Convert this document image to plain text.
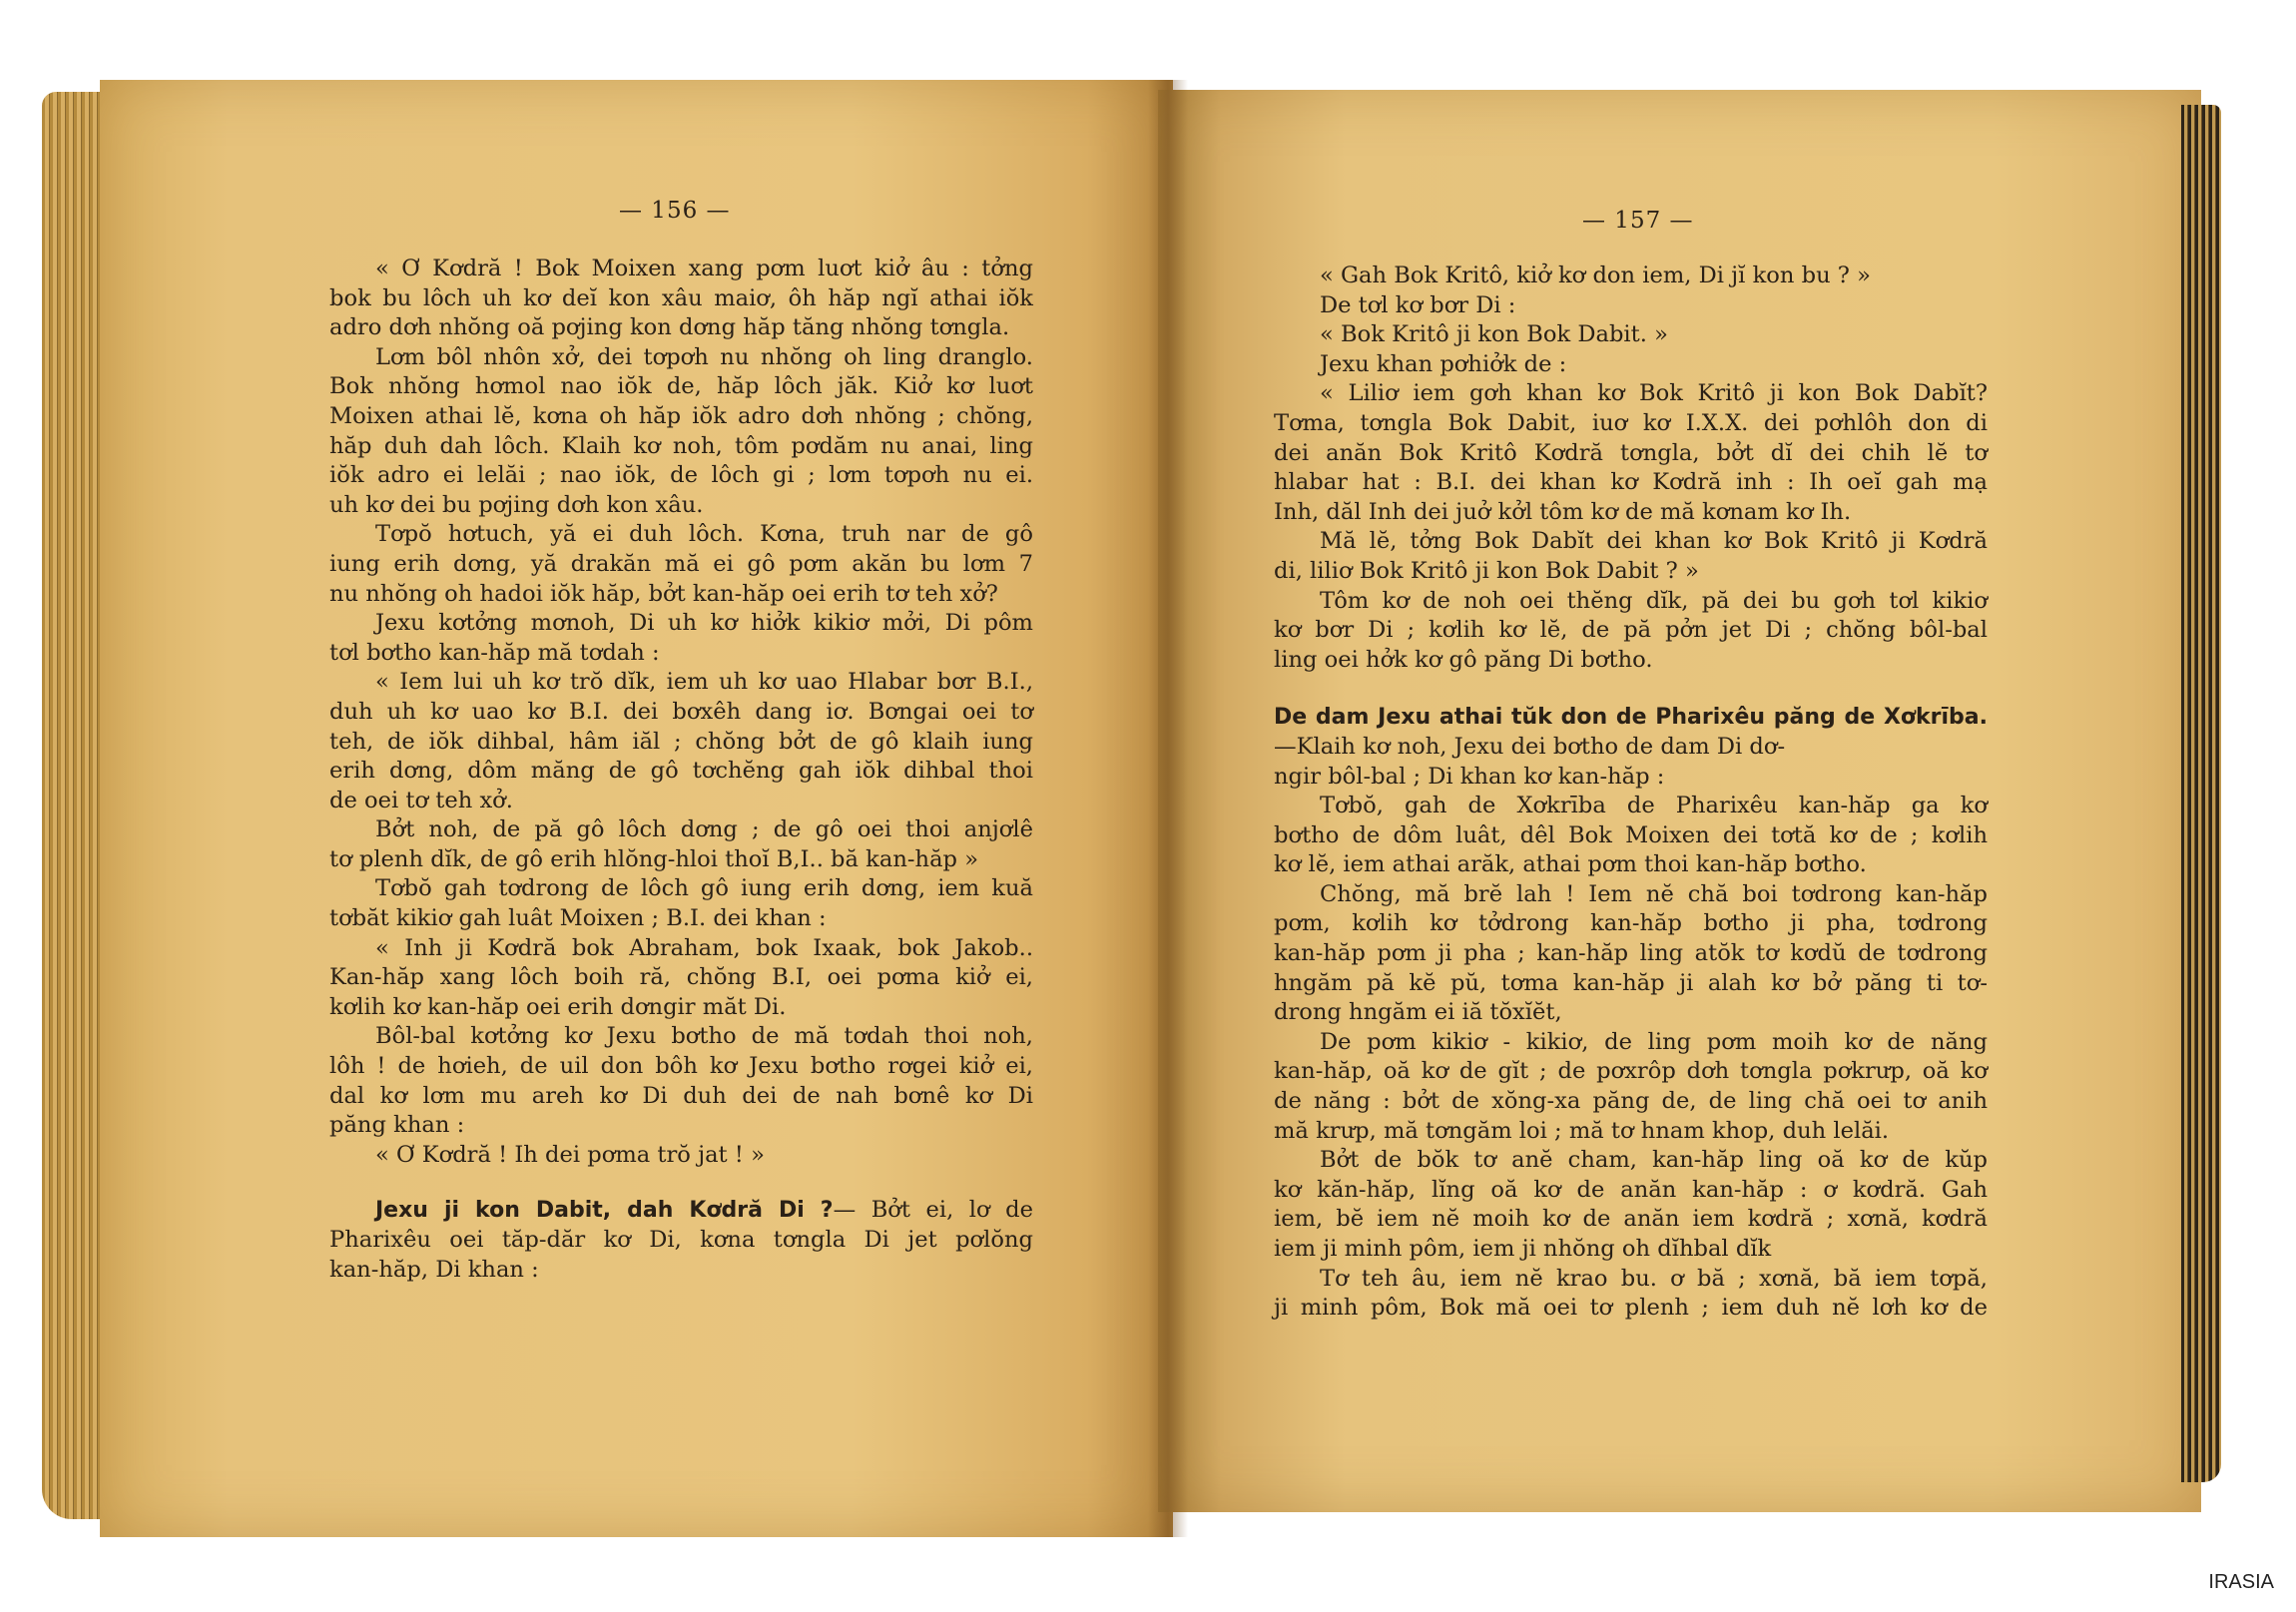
— 156 —	— 157 —
« Ơ Kơdră ! Bok Moixen xang pơm luơt kiở âu : tởng
bok bu lôch uh kơ deĭ kon xâu maiơ, ôh hăp ngĭ athai iŏk
adro dơh nhŏng oă pơjing kon dơng hăp tăng nhŏng tơngla.
Lơm bôl nhôn xở, dei tơpơh nu nhŏng oh ling dranglo.
Bok nhŏng hơmol nao iŏk de, hăp lôch jăk. Kiở kơ luơt
Moixen athai lĕ, kơna oh hăp iŏk adro dơh nhŏng ; chŏng,
hăp duh dah lôch. Klaih kơ noh, tôm pơdăm nu anai, ling
iŏk adro ei lelăi ; nao iŏk, de lôch gi ; lơm tơpơh nu ei.
uh kơ dei bu pơjing dơh kon xâu.
Tơpŏ hơtuch, yă ei duh lôch. Kơna, truh nar de gô
iung erih dơng, yă drakăn mă ei gô pơm akăn bu lơm 7
nu nhŏng oh hadoi iŏk hăp, bởt kan-hăp oei erih tơ teh xở?
Jexu kơtởng mơnoh, Di uh kơ hiởk kikiơ mởi, Di pôm
tơl bơtho kan-hăp mă tơdah :
« Iem lui uh kơ trŏ dĭk, iem uh kơ uao Hlabar bơr B.I.,
duh uh kơ uao kơ B.I. dei bơxêh dang iơ. Bơngai oei tơ
teh, de iŏk dihbal, hâm iăl ; chŏng bởt de gô klaih iung
erih dơng, dôm măng de gô tơchĕng gah iŏk dihbal thoi
de oei tơ teh xở.
Bởt noh, de pă gô lôch dơng ; de gô oei thoi anjơlê
tơ plenh dĭk, de gô erih hlŏng-hloi thoĭ B,I.. bă kan-hăp »
Tơbŏ gah tơdrong de lôch gô iung erih dơng, iem kuă
tơbăt kikiơ gah luât Moixen ; B.I. dei khan :
« Inh ji Kơdră bok Abraham, bok Ixaak, bok Jakob..
Kan-hăp xang lôch boih ră, chŏng B.I, oei pơma kiở ei,
kơlih kơ kan-hăp oei erih dơngir măt Di.
Bôl-bal kơtởng kơ Jexu bơtho de mă tơdah thoi noh,
lôh ! de hơieh, de uil don bôh kơ Jexu bơtho rơgei kiở ei,
dal kơ lơm mu areh kơ Di duh dei de nah bơnê kơ Di
păng khan :
« Ơ Kơdră ! Ih dei pơma trŏ jat ! »
Jexu ji kon Dabit, dah Kơdră Di ?— Bởt ei, lơ de
Pharixêu oei tăp-dăr kơ Di, kơna tơngla Di jet pơlŏng
kan-hăp, Di khan :
« Gah Bok Kritô, kiở kơ don iem, Di jĭ kon bu ? »
De tơl kơ bơr Di :
« Bok Kritô ji kon Bok Dabit. »
Jexu khan pơhiởk de :
« Liliơ iem gơh khan kơ Bok Kritô ji kon Bok Dabĭt?
Tơma, tơngla Bok Dabit, iuơ kơ I.X.X. dei pơhlôh don di
dei anăn Bok Kritô Kơdră tơngla, bởt dĭ dei chih lĕ tơ
hlabar hat : B.I. dei khan kơ Kơdră inh : Ih oeĭ gah mạ
Inh, dăl Inh dei juở kởl tôm kơ de mă kơnam kơ Ih.
Mă lĕ, tởng Bok Dabĭt dei khan kơ Bok Kritô ji Kơdră
di, liliơ Bok Kritô ji kon Bok Dabit ? »
Tôm kơ de noh oei thĕng dĭk, pă dei bu gơh tơl kikiơ
kơ bơr Di ; kơlih kơ lĕ, de pă pởn jet Di ; chŏng bôl-bal
ling oei hởk kơ gô păng Di bơtho.
De dam Jexu athai tŭk don de Pharixêu păng de Xơkrība.—Klaih kơ noh, Jexu dei bơtho de dam Di dơ-
ngir bôl-bal ; Di khan kơ kan-hăp :
Tơbŏ, gah de Xơkrība de Pharixêu kan-hăp ga kơ
bơtho de dôm luât, dêl Bok Moixen dei tơtă kơ de ; kơlih
kơ lĕ, iem athai arăk, athai pơm thoi kan-hăp bơtho.
Chŏng, mă brĕ lah ! Iem nĕ chă boi tơdrong kan-hăp
pơm, kơlih kơ tởdrong kan-hăp bơtho ji pha, tơdrong
kan-hăp pơm ji pha ; kan-hăp ling atŏk tơ kơdŭ de tơdrong
hngăm pă kĕ pŭ, tơma kan-hăp ji alah kơ bở păng ti tơ-
drong hngăm ei iă tŏxĭĕt,
De pơm kikiơ - kikiơ, de ling pơm moih kơ de năng
kan-hăp, oă kơ de gĭt ; de pơxrôp dơh tơngla pơkrưp, oă kơ
de năng : bởt de xŏng-xa păng de, de ling chă oei tơ anih
mă krưp, mă tơngăm loi ; mă tơ hnam khop, duh lelăi.
Bởt de bŏk tơ anĕ cham, kan-hăp ling oă kơ de kŭp
kơ kăn-hăp, lĭng oă kơ de anăn kan-hăp : ơ kơdră. Gah
iem, bĕ iem nĕ moih kơ de anăn iem kơdră ; xơnă, kơdră
iem ji minh pôm, iem ji nhŏng oh dĭhbal dĭk
Tơ teh âu, iem nĕ krao bu. ơ bă ; xơnă, bă iem tơpă,
ji minh pôm, Bok mă oei tơ plenh ; iem duh nĕ lơh kơ de
IRASIA
